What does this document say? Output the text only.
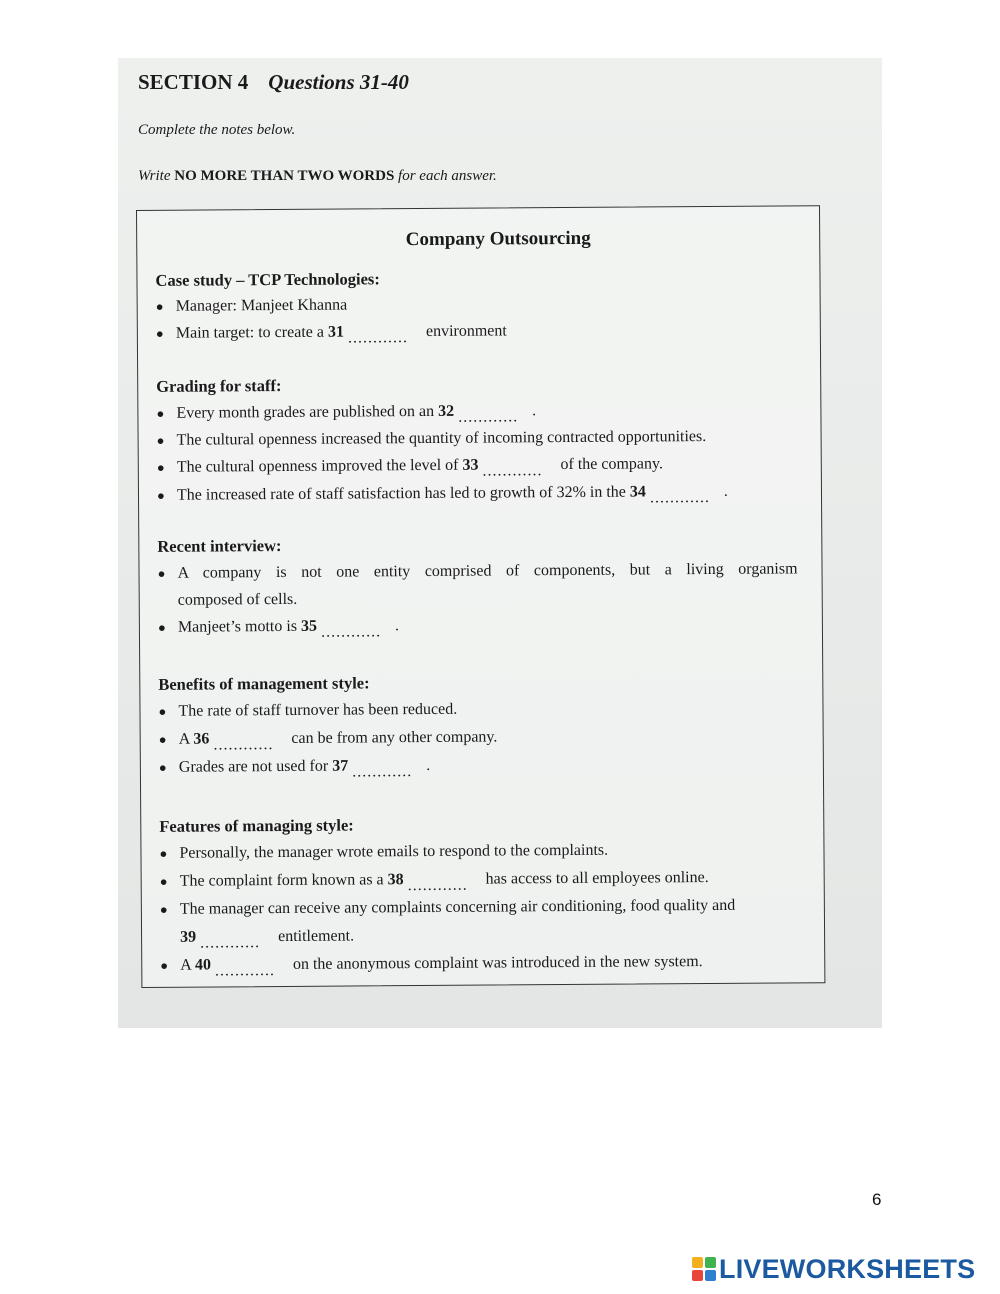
SECTION 4 Questions 31-40
Complete the notes below.
Write NO MORE THAN TWO WORDS for each answer.
Company Outsourcing
Case study – TCP Technologies:
● Manager: Manjeet Khanna
● Main target: to create a 31 ............ environment
Grading for staff:
● Every month grades are published on an 32 ............ .
● The cultural openness increased the quantity of incoming contracted opportunities.
● The cultural openness improved the level of 33 ............ of the company.
● The increased rate of staff satisfaction has led to growth of 32% in the 34 ............ .
Recent interview:
● A company is not one entity comprised of components, but a living organism
composed of cells.
● Manjeet’s motto is 35 ............ .
Benefits of management style:
● The rate of staff turnover has been reduced.
● A 36 ............ can be from any other company.
● Grades are not used for 37 ............ .
Features of managing style:
● Personally, the manager wrote emails to respond to the complaints.
● The complaint form known as a 38 ............ has access to all employees online.
● The manager can receive any complaints concerning air conditioning, food quality and
39 ............ entitlement.
● A 40 ............ on the anonymous complaint was introduced in the new system.
6
LIVEWORKSHEETS
